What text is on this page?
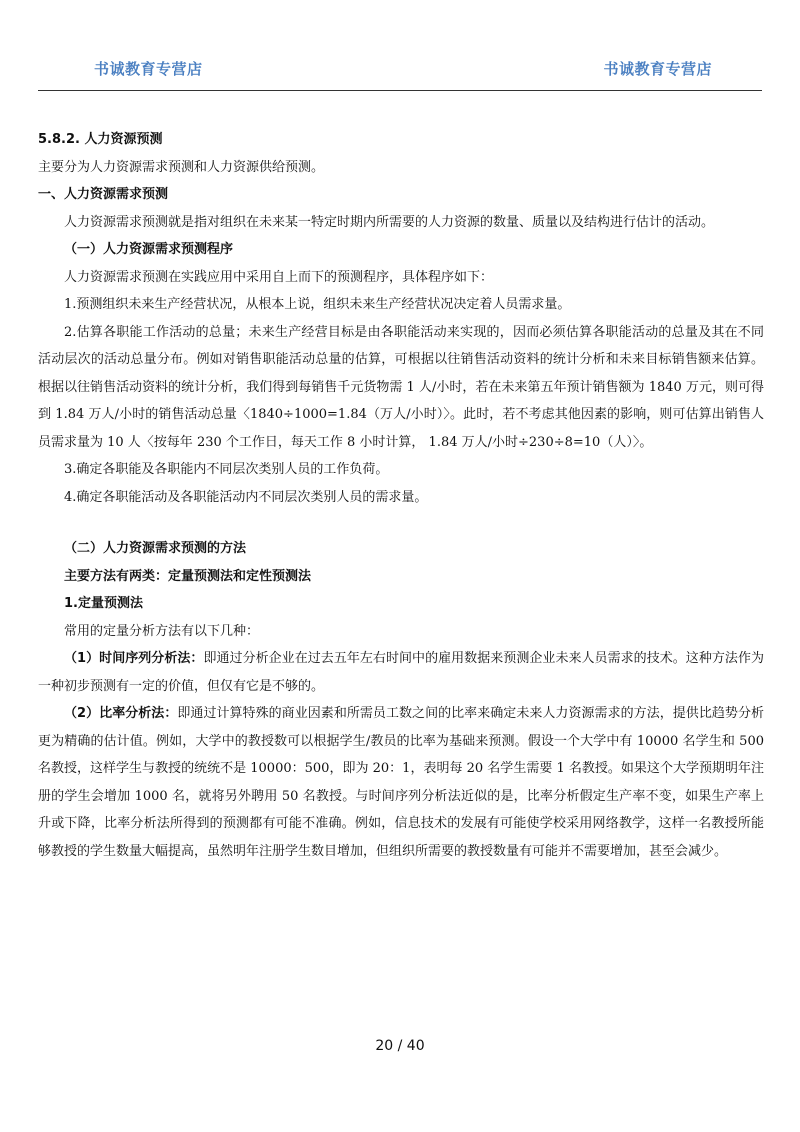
书诚教育专营店	书诚教育专营店

5.8.2. 人力资源预测

主要分为人力资源需求预测和人力资源供给预测。

一、人力资源需求预测

人力资源需求预测就是指对组织在未来某一特定时期内所需要的人力资源的数量、质量以及结构进行估计的活动。

（一）人力资源需求预测程序

人力资源需求预测在实践应用中采用自上而下的预测程序，具体程序如下：

1.预测组织未来生产经营状况，从根本上说，组织未来生产经营状况决定着人员需求量。

2.估算各职能工作活动的总量；未来生产经营目标是由各职能活动来实现的，因而必须估算各职能活动的总量及其在不同活动层次的活动总量分布。例如对销售职能活动总量的估算，可根据以往销售活动资料的统计分析和未来目标销售额来估算。根据以往销售活动资料的统计分析，我们得到每销售千元货物需 1 人/小时，若在未来第五年预计销售额为 1840 万元，则可得到 1.84 万人/小时的销售活动总量〈1840÷1000=1.84（万人/小时）〉。此时，若不考虑其他因素的影响，则可估算出销售人员需求量为 10 人〈按每年 230 个工作日，每天工作 8 小时计算， 1.84 万人/小时÷230÷8=10（人）〉。

3.确定各职能及各职能内不同层次类别人员的工作负荷。

4.确定各职能活动及各职能活动内不同层次类别人员的需求量。

（二）人力资源需求预测的方法

主要方法有两类：定量预测法和定性预测法

1.定量预测法

常用的定量分析方法有以下几种：

（1）时间序列分析法：即通过分析企业在过去五年左右时间中的雇用数据来预测企业未来人员需求的技术。这种方法作为一种初步预测有一定的价值，但仅有它是不够的。

（2）比率分析法：即通过计算特殊的商业因素和所需员工数之间的比率来确定未来人力资源需求的方法，提供比趋势分析更为精确的估计值。例如，大学中的教授数可以根据学生/教员的比率为基础来预测。假设一个大学中有 10000 名学生和 500 名教授，这样学生与教授的统统不是 10000：500，即为 20：1，表明每 20 名学生需要 1 名教授。如果这个大学预期明年注册的学生会增加 1000 名，就将另外聘用 50 名教授。与时间序列分析法近似的是，比率分析假定生产率不变，如果生产率上升或下降，比率分析法所得到的预测都有可能不准确。例如，信息技术的发展有可能使学校采用网络教学，这样一名教授所能够教授的学生数量大幅提高，虽然明年注册学生数目增加，但组织所需要的教授数量有可能并不需要增加，甚至会减少。

20 / 40
